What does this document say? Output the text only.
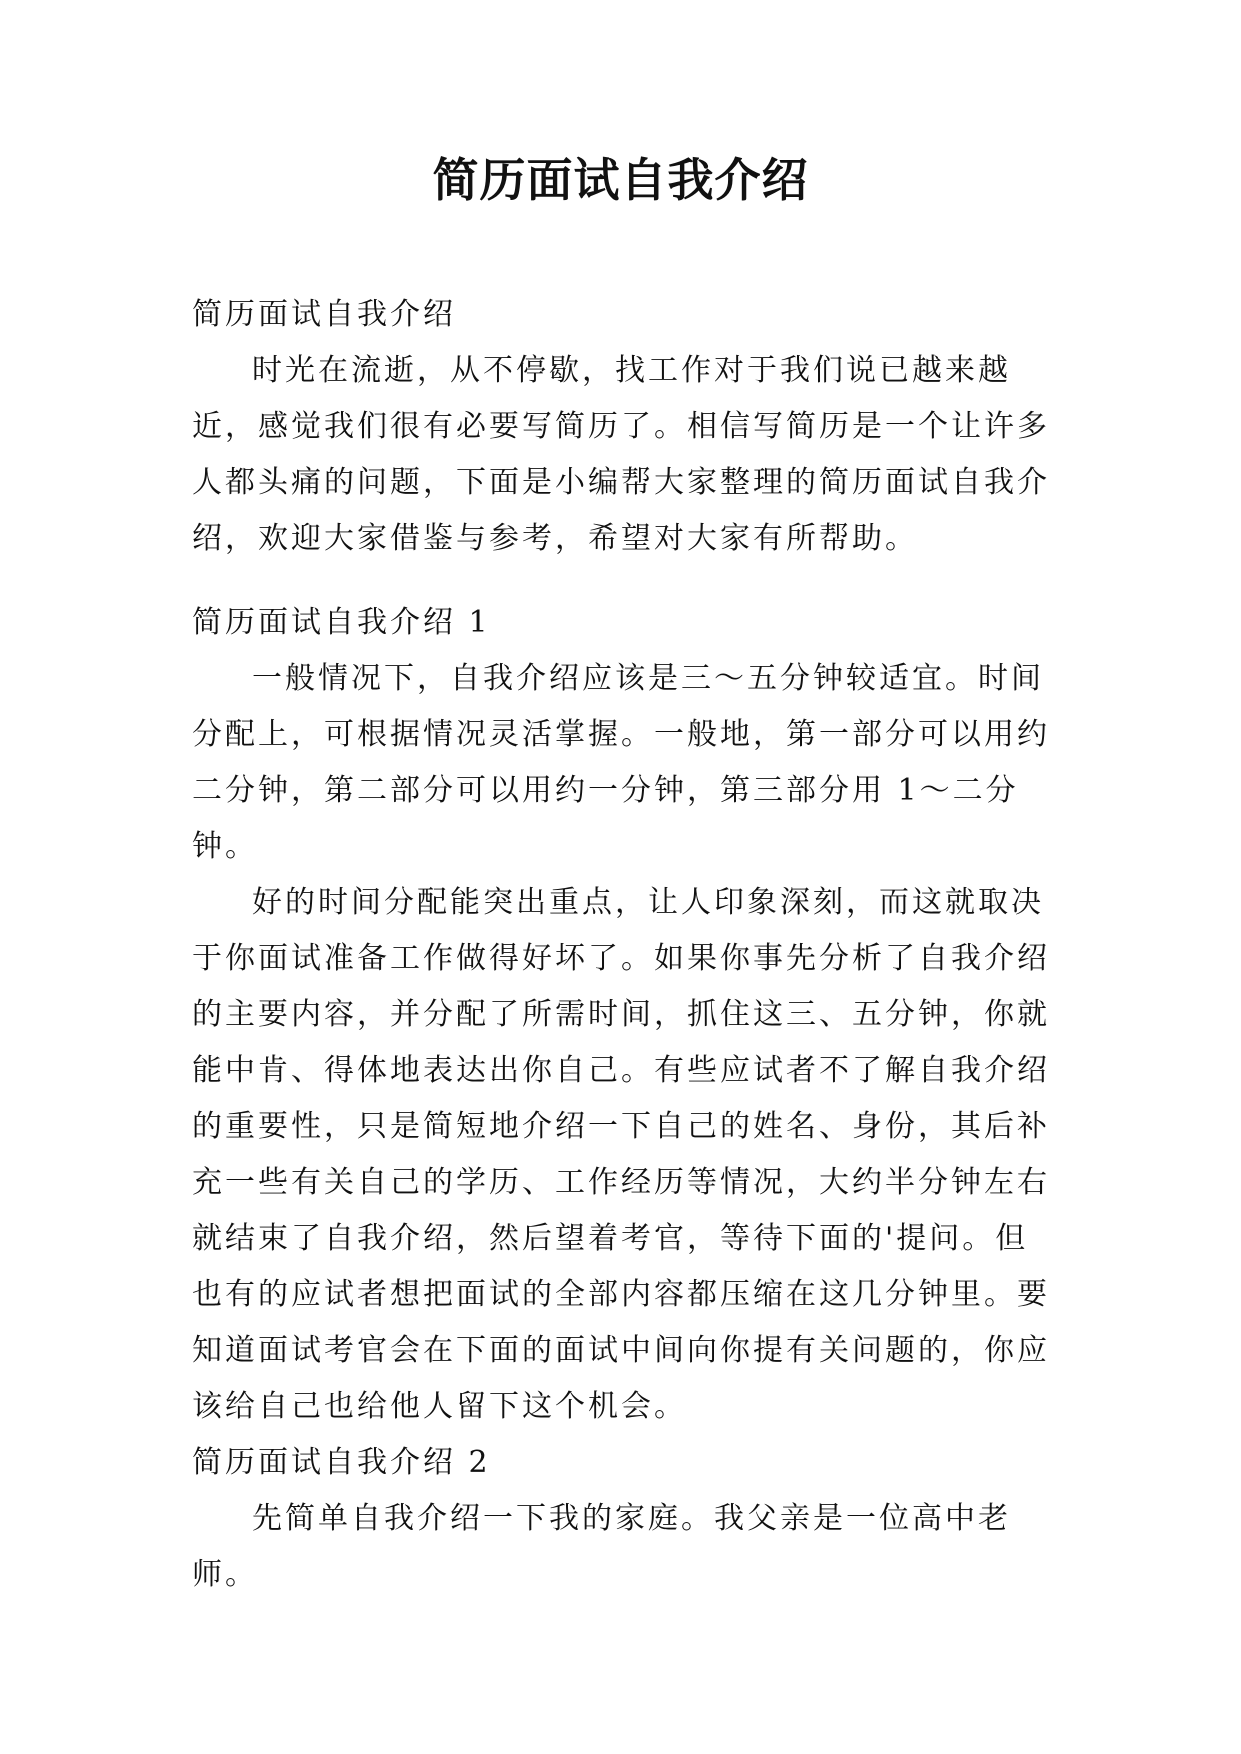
简历面试自我介绍

简历面试自我介绍

时光在流逝，从不停歇，找工作对于我们说已越来越近，感觉我们很有必要写简历了。相信写简历是一个让许多人都头痛的问题，下面是小编帮大家整理的简历面试自我介绍，欢迎大家借鉴与参考，希望对大家有所帮助。

简历面试自我介绍 1

一般情况下，自我介绍应该是三～五分钟较适宜。时间分配上，可根据情况灵活掌握。一般地，第一部分可以用约二分钟，第二部分可以用约一分钟，第三部分用 1～二分钟。

好的时间分配能突出重点，让人印象深刻，而这就取决于你面试准备工作做得好坏了。如果你事先分析了自我介绍的主要内容，并分配了所需时间，抓住这三、五分钟，你就能中肯、得体地表达出你自己。有些应试者不了解自我介绍的重要性，只是简短地介绍一下自己的姓名、身份，其后补充一些有关自己的学历、工作经历等情况，大约半分钟左右就结束了自我介绍，然后望着考官，等待下面的'提问。但也有的应试者想把面试的全部内容都压缩在这几分钟里。要知道面试考官会在下面的面试中间向你提有关问题的，你应该给自己也给他人留下这个机会。

简历面试自我介绍 2

先简单自我介绍一下我的家庭。我父亲是一位高中老师。
